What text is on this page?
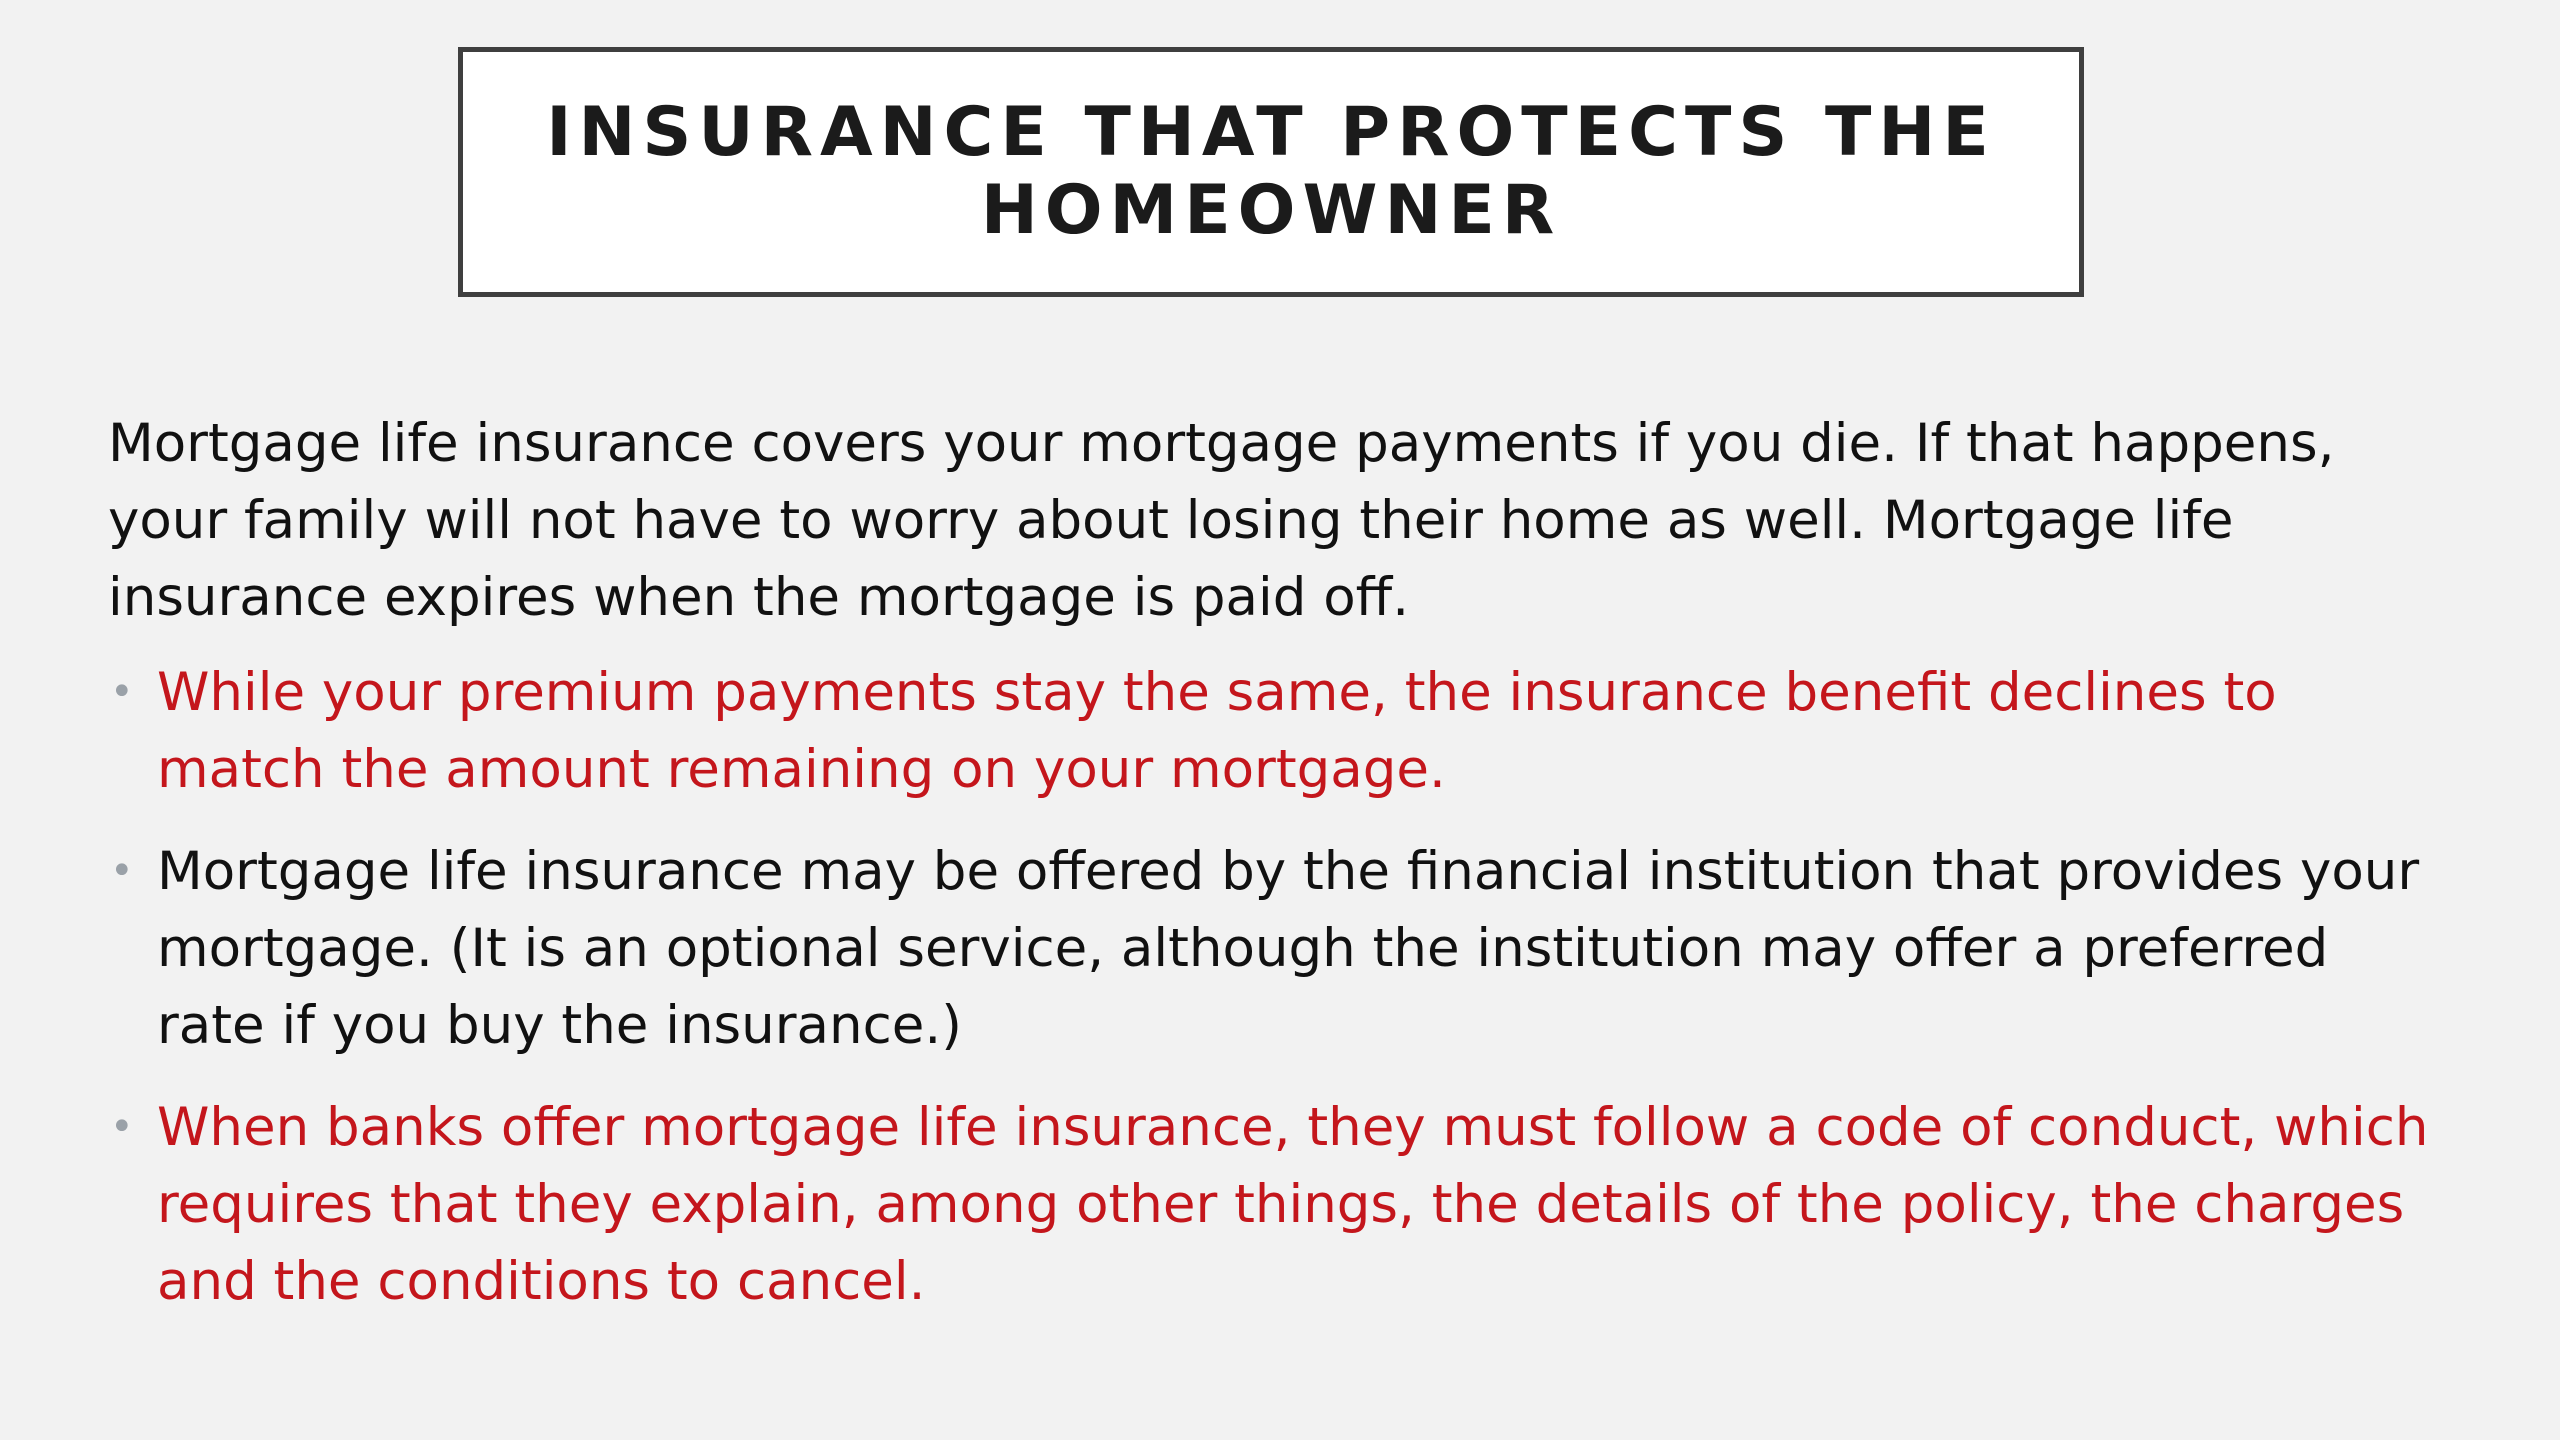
INSURANCE THAT PROTECTS THE HOMEOWNER

Mortgage life insurance covers your mortgage payments if you die. If that happens, your family will not have to worry about losing their home as well. Mortgage life insurance expires when the mortgage is paid off.

• While your premium payments stay the same, the insurance benefit declines to match the amount remaining on your mortgage.
• Mortgage life insurance may be offered by the financial institution that provides your mortgage. (It is an optional service, although the institution may offer a preferred rate if you buy the insurance.)
• When banks offer mortgage life insurance, they must follow a code of conduct, which requires that they explain, among other things, the details of the policy, the charges and the conditions to cancel.
